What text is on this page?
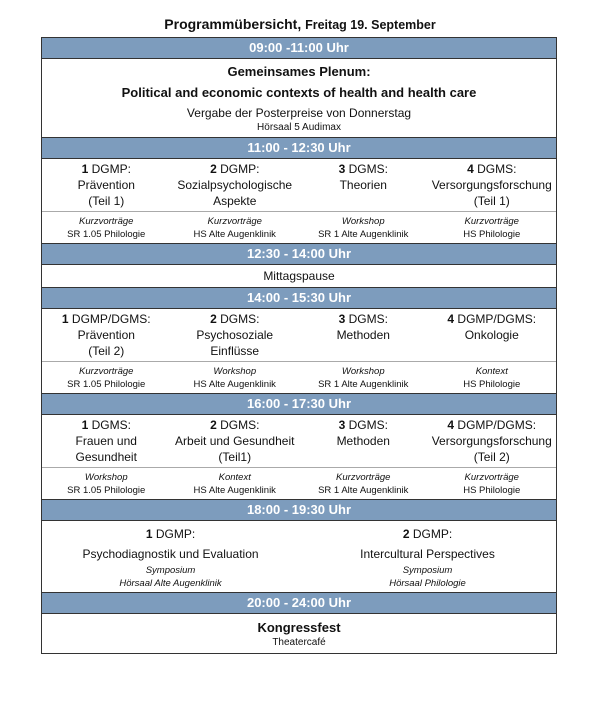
Programmübersicht, Freitag 19. September
09:00 -11:00 Uhr
Gemeinsames Plenum:
Political and economic contexts of health and health care
Vergabe der Posterpreise von Donnerstag
Hörsaal 5 Audimax
11:00 - 12:30 Uhr
1 DGMP:
Prävention
(Teil 1)
2 DGMP:
Sozialpsychologische
Aspekte
3 DGMS:
Theorien
4 DGMS:
Versorgungsforschung
(Teil 1)
Kurzvorträge
SR 1.05 Philologie
Kurzvorträge
HS Alte Augenklinik
Workshop
SR 1 Alte Augenklinik
Kurzvorträge
HS Philologie
12:30 - 14:00 Uhr
Mittagspause
14:00 - 15:30 Uhr
1 DGMP/DGMS:
Prävention
(Teil 2)
2 DGMS:
Psychosoziale
Einflüsse
3 DGMS:
Methoden
4 DGMP/DGMS:
Onkologie
Kurzvorträge
SR 1.05 Philologie
Workshop
HS Alte Augenklinik
Workshop
SR 1 Alte Augenklinik
Kontext
HS Philologie
16:00 - 17:30 Uhr
1 DGMS:
Frauen und
Gesundheit
2 DGMS:
Arbeit und Gesundheit
(Teil1)
3 DGMS:
Methoden
4 DGMP/DGMS:
Versorgungsforschung
(Teil 2)
Workshop
SR 1.05 Philologie
Kontext
HS Alte Augenklinik
Kurzvorträge
SR 1 Alte Augenklinik
Kurzvorträge
HS Philologie
18:00 - 19:30 Uhr
1 DGMP:
Psychodiagnostik und Evaluation
Symposium
Hörsaal Alte Augenklinik
2 DGMP:
Intercultural Perspectives
Symposium
Hörsaal Philologie
20:00 - 24:00 Uhr
Kongressfest
Theatercafé
